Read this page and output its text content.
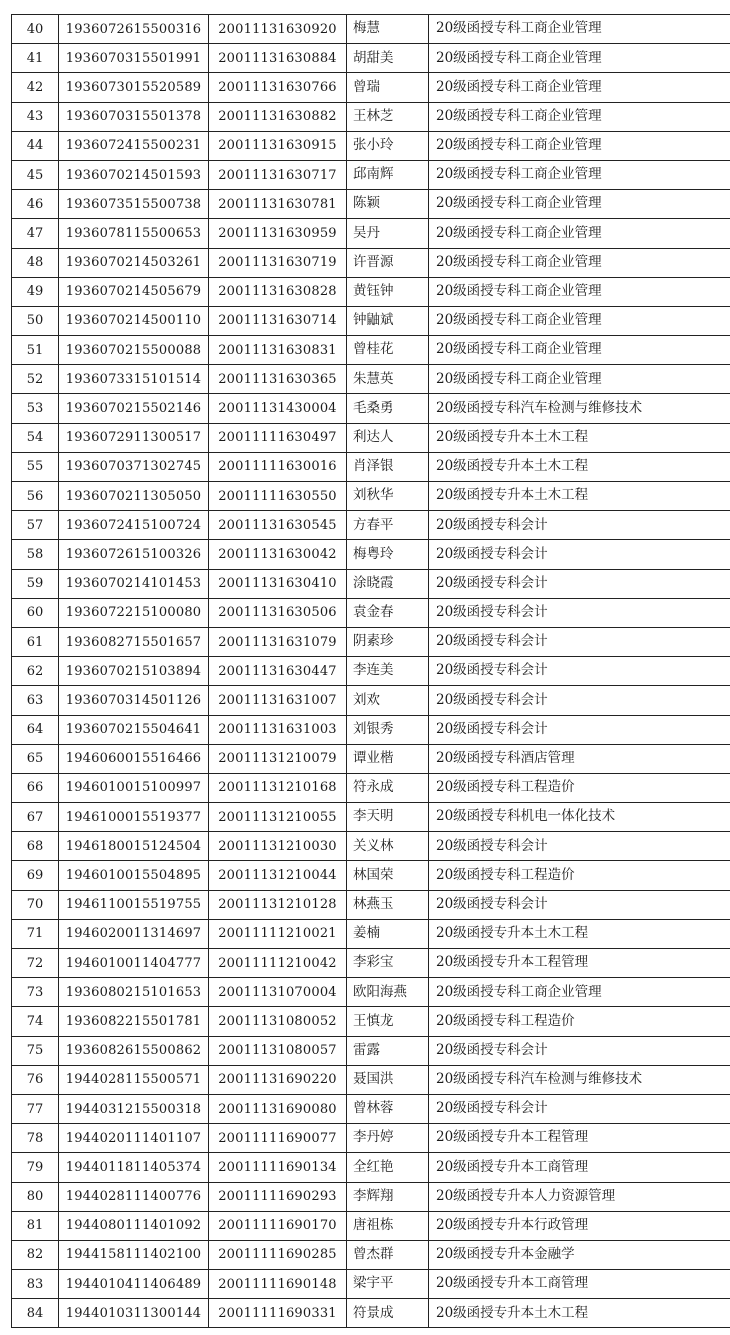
40	1936072615500316	20011131630920	梅慧	20级函授专科工商企业管理	
41	1936070315501991	20011131630884	胡甜美	20级函授专科工商企业管理	
42	1936073015520589	20011131630766	曾瑞	20级函授专科工商企业管理	
43	1936070315501378	20011131630882	王林芝	20级函授专科工商企业管理	
44	1936072415500231	20011131630915	张小玲	20级函授专科工商企业管理	
45	1936070214501593	20011131630717	邱南辉	20级函授专科工商企业管理	
46	1936073515500738	20011131630781	陈颖	20级函授专科工商企业管理	
47	1936078115500653	20011131630959	吴丹	20级函授专科工商企业管理	
48	1936070214503261	20011131630719	许晋源	20级函授专科工商企业管理	
49	1936070214505679	20011131630828	黄钰钟	20级函授专科工商企业管理	
50	1936070214500110	20011131630714	钟鼬斌	20级函授专科工商企业管理	
51	1936070215500088	20011131630831	曾桂花	20级函授专科工商企业管理	
52	1936073315101514	20011131630365	朱慧英	20级函授专科工商企业管理	
53	1936070215502146	20011131430004	毛桑勇	20级函授专科汽车检测与维修技术	
54	1936072911300517	20011111630497	利达人	20级函授专升本土木工程	
55	1936070371302745	20011111630016	肖泽银	20级函授专升本土木工程	
56	1936070211305050	20011111630550	刘秋华	20级函授专升本土木工程	
57	1936072415100724	20011131630545	方春平	20级函授专科会计	
58	1936072615100326	20011131630042	梅粤玲	20级函授专科会计	
59	1936070214101453	20011131630410	涂晓霞	20级函授专科会计	
60	1936072215100080	20011131630506	袁金春	20级函授专科会计	
61	1936082715501657	20011131631079	阴素珍	20级函授专科会计	
62	1936070215103894	20011131630447	李连美	20级函授专科会计	
63	1936070314501126	20011131631007	刘欢	20级函授专科会计	
64	1936070215504641	20011131631003	刘银秀	20级函授专科会计	
65	1946060015516466	20011131210079	谭业楷	20级函授专科酒店管理	
66	1946010015100997	20011131210168	符永成	20级函授专科工程造价	
67	1946100015519377	20011131210055	李天明	20级函授专科机电一体化技术	
68	1946180015124504	20011131210030	关义林	20级函授专科会计	
69	1946010015504895	20011131210044	林国荣	20级函授专科工程造价	
70	1946110015519755	20011131210128	林燕玉	20级函授专科会计	
71	1946020011314697	20011111210021	姜楠	20级函授专升本土木工程	
72	1946010011404777	20011111210042	李彩宝	20级函授专升本工程管理	
73	1936080215101653	20011131070004	欧阳海燕	20级函授专科工商企业管理	
74	1936082215501781	20011131080052	王慎龙	20级函授专科工程造价	
75	1936082615500862	20011131080057	雷露	20级函授专科会计	
76	1944028115500571	20011131690220	聂国洪	20级函授专科汽车检测与维修技术	
77	1944031215500318	20011131690080	曾林蓉	20级函授专科会计	
78	1944020111401107	20011111690077	李丹婷	20级函授专升本工程管理	
79	1944011811405374	20011111690134	全红艳	20级函授专升本工商管理	
80	1944028111400776	20011111690293	李辉翔	20级函授专升本人力资源管理	
81	1944080111401092	20011111690170	唐祖栋	20级函授专升本行政管理	
82	1944158111402100	20011111690285	曾杰群	20级函授专升本金融学	
83	1944010411406489	20011111690148	梁宇平	20级函授专升本工商管理	
84	1944010311300144	20011111690331	符景成	20级函授专升本土木工程	
